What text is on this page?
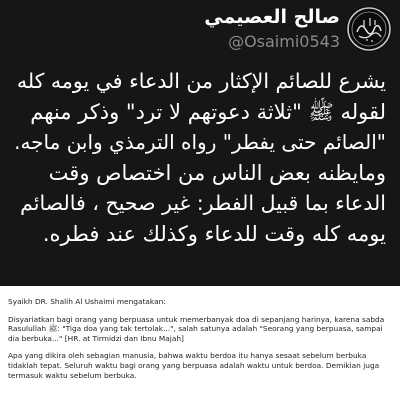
صالح العصيمي
@Osaimi0543
يشرع للصائم الإكثار من الدعاء في يومه كله
لقوله ﷺ "ثلاثة دعوتهم لا ترد" وذكر منهم
"الصائم حتى يفطر" رواه الترمذي وابن ماجه.
ومايظنه بعض الناس من اختصاص وقت
الدعاء بما قبيل الفطر: غير صحيح ، فالصائم
يومه كله وقت للدعاء وكذلك عند فطره.

Syaikh DR. Shalih Al Ushaimi mengatakan:

Disyariatkan bagi orang yang berpuasa untuk memerbanyak doa di sepanjang harinya, karena sabda Rasulullah ﷺ: "Tiga doa yang tak tertolak...", salah satunya adalah "Seorang yang berpuasa, sampai dia berbuka..." [HR. at Tirmidzi dan Ibnu Majah]

Apa yang dikira oleh sebagian manusia, bahwa waktu berdoa itu hanya sesaat sebelum berbuka tidaklah tepat. Seluruh waktu bagi orang yang berpuasa adalah waktu untuk berdoa. Demikian juga termasuk waktu sebelum berbuka.
